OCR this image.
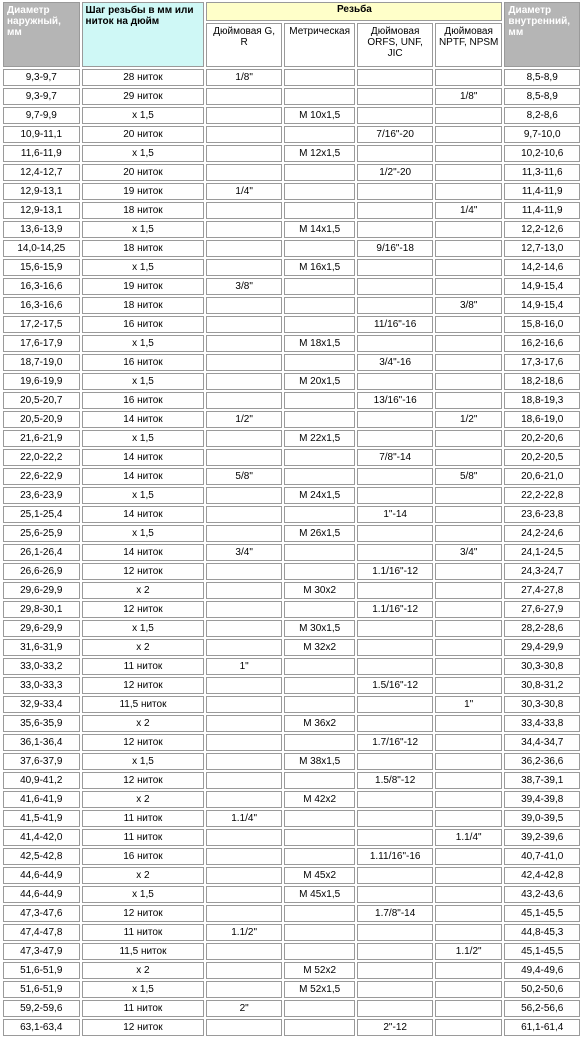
Диаметр наружный, мм	Шаг резьбы в мм или ниток на дюйм	Резьба				Диаметр внутренний, мм
		Дюймовая G, R	Метрическая	Дюймовая ORFS, UNF, JIC	Дюймовая NPTF, NPSM	
9,3-9,7	28 ниток	1/8"				8,5-8,9
9,3-9,7	29 ниток				1/8"	8,5-8,9
9,7-9,9	х 1,5		М 10х1,5			8,2-8,6
10,9-11,1	20 ниток			7/16"-20		9,7-10,0
11,6-11,9	х 1,5		М 12х1,5			10,2-10,6
12,4-12,7	20 ниток			1/2"-20		11,3-11,6
12,9-13,1	19 ниток	1/4"				11,4-11,9
12,9-13,1	18 ниток				1/4"	11,4-11,9
13,6-13,9	х 1,5		М 14х1,5			12,2-12,6
14,0-14,25	18 ниток			9/16"-18		12,7-13,0
15,6-15,9	х 1,5		М 16х1,5			14,2-14,6
16,3-16,6	19 ниток	3/8"				14,9-15,4
16,3-16,6	18 ниток				3/8"	14,9-15,4
17,2-17,5	16 ниток			11/16"-16		15,8-16,0
17,6-17,9	х 1,5		М 18х1,5			16,2-16,6
18,7-19,0	16 ниток			3/4"-16		17,3-17,6
19,6-19,9	х 1,5		М 20х1,5			18,2-18,6
20,5-20,7	16 ниток			13/16"-16		18,8-19,3
20,5-20,9	14 ниток	1/2"			1/2"	18,6-19,0
21,6-21,9	х 1,5		М 22х1,5			20,2-20,6
22,0-22,2	14 ниток			7/8"-14		20,2-20,5
22,6-22,9	14 ниток	5/8"			5/8"	20,6-21,0
23,6-23,9	х 1,5		М 24х1,5			22,2-22,8
25,1-25,4	14 ниток			1"-14		23,6-23,8
25,6-25,9	х 1,5		М 26х1,5			24,2-24,6
26,1-26,4	14 ниток	3/4"			3/4"	24,1-24,5
26,6-26,9	12 ниток			1.1/16"-12		24,3-24,7
29,6-29,9	х 2		М 30х2			27,4-27,8
29,8-30,1	12 ниток			1.1/16"-12		27,6-27,9
29,6-29,9	х 1,5		М 30х1,5			28,2-28,6
31,6-31,9	х 2		М 32х2			29,4-29,9
33,0-33,2	11 ниток	1"				30,3-30,8
33,0-33,3	12 ниток			1.5/16"-12		30,8-31,2
32,9-33,4	11,5 ниток				1"	30,3-30,8
35,6-35,9	х 2		М 36х2			33,4-33,8
36,1-36,4	12 ниток			1.7/16"-12		34,4-34,7
37,6-37,9	х 1,5		М 38х1,5			36,2-36,6
40,9-41,2	12 ниток			1.5/8"-12		38,7-39,1
41,6-41,9	х 2		М 42х2			39,4-39,8
41,5-41,9	11 ниток	1.1/4"				39,0-39,5
41,4-42,0	11 ниток				1.1/4"	39,2-39,6
42,5-42,8	16 ниток			1.11/16"-16		40,7-41,0
44,6-44,9	х 2		М 45х2			42,4-42,8
44,6-44,9	х 1,5		М 45х1,5			43,2-43,6
47,3-47,6	12 ниток			1.7/8"-14		45,1-45,5
47,4-47,8	11 ниток	1.1/2"				44,8-45,3
47,3-47,9	11,5 ниток				1.1/2"	45,1-45,5
51,6-51,9	х 2		М 52х2			49,4-49,6
51,6-51,9	х 1,5		М 52х1,5			50,2-50,6
59,2-59,6	11 ниток	2"				56,2-56,6
63,1-63,4	12 ниток			2"-12		61,1-61,4
